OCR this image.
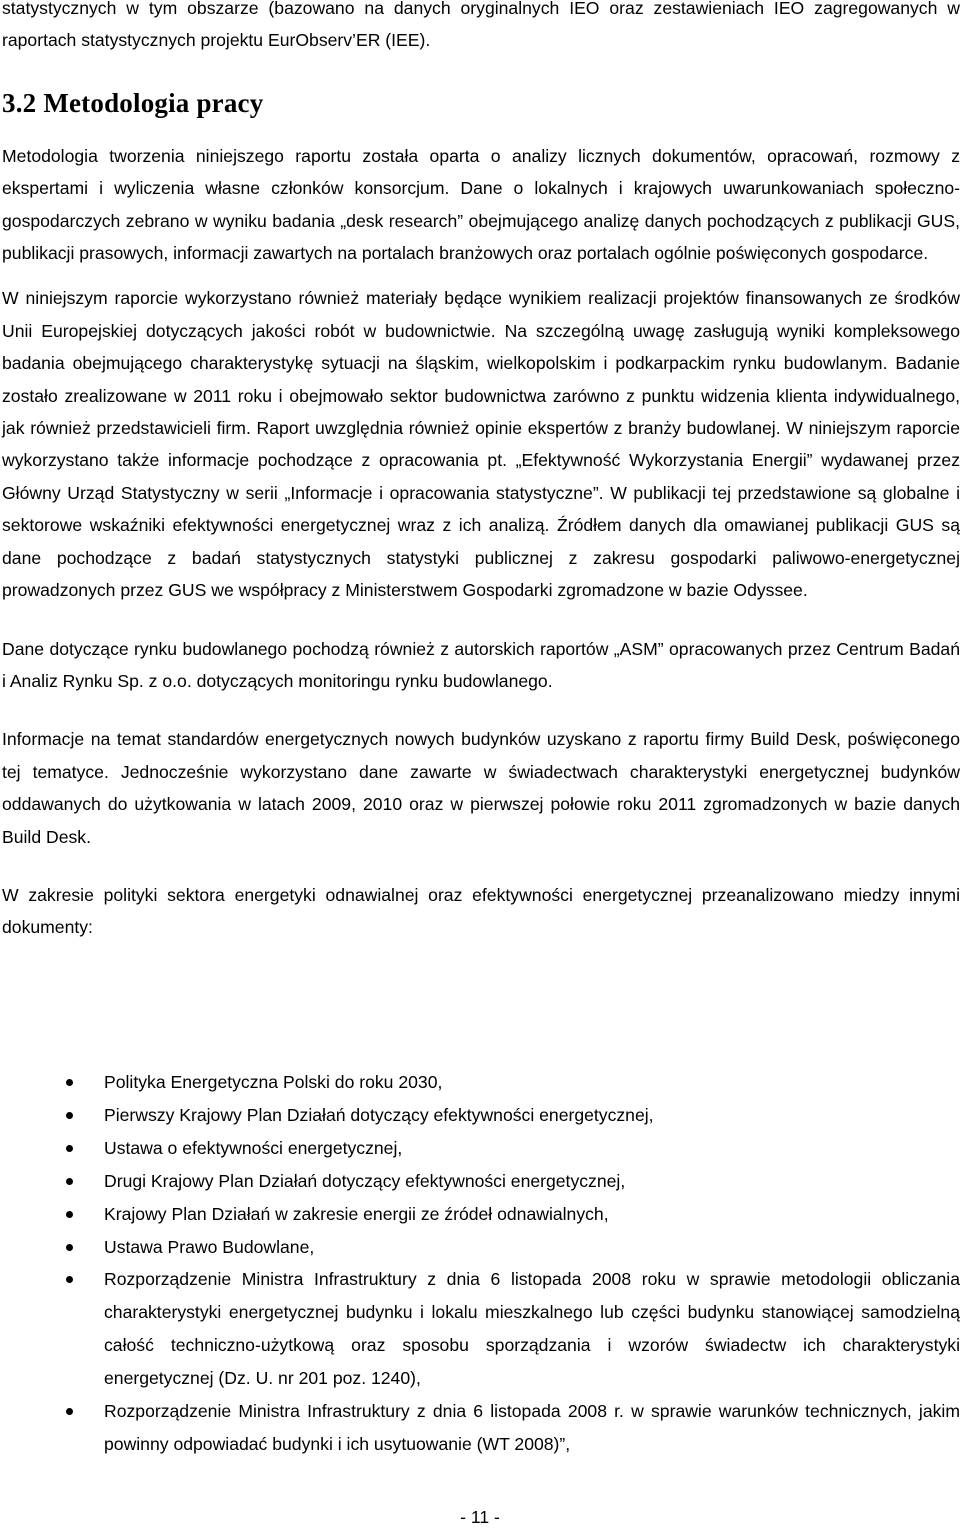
statystycznych w tym obszarze (bazowano na danych oryginalnych IEO oraz zestawieniach IEO zagregowanych w raportach statystycznych projektu EurObserv’ER (IEE).

3.2 Metodologia pracy

Metodologia tworzenia niniejszego raportu została oparta o analizy licznych dokumentów, opracowań, rozmowy z ekspertami i wyliczenia własne członków konsorcjum. Dane o lokalnych i krajowych uwarunkowaniach społeczno-gospodarczych zebrano w wyniku badania „desk research” obejmującego analizę danych pochodzących z publikacji GUS, publikacji prasowych, informacji zawartych na portalach branżowych oraz portalach ogólnie poświęconych gospodarce.

W niniejszym raporcie wykorzystano również materiały będące wynikiem realizacji projektów finansowanych ze środków Unii Europejskiej dotyczących jakości robót w budownictwie. Na szczególną uwagę zasługują wyniki kompleksowego badania obejmującego charakterystykę sytuacji na śląskim, wielkopolskim i podkarpackim rynku budowlanym. Badanie zostało zrealizowane w 2011 roku i obejmowało sektor budownictwa zarówno z punktu widzenia klienta indywidualnego, jak również przedstawicieli firm. Raport uwzględnia również opinie ekspertów z branży budowlanej. W niniejszym raporcie wykorzystano także informacje pochodzące z opracowania pt. „Efektywność Wykorzystania Energii” wydawanej przez Główny Urząd Statystyczny w serii „Informacje i opracowania statystyczne”. W publikacji tej przedstawione są globalne i sektorowe wskaźniki efektywności energetycznej wraz z ich analizą. Źródłem danych dla omawianej publikacji GUS są dane pochodzące z badań statystycznych statystyki publicznej z zakresu gospodarki paliwowo-energetycznej prowadzonych przez GUS we współpracy z Ministerstwem Gospodarki zgromadzone w bazie Odyssee.

Dane dotyczące rynku budowlanego pochodzą również z autorskich raportów „ASM” opracowanych przez Centrum Badań i Analiz Rynku Sp. z o.o. dotyczących monitoringu rynku budowlanego.

Informacje na temat standardów energetycznych nowych budynków uzyskano z raportu firmy Build Desk, poświęconego tej tematyce. Jednocześnie wykorzystano dane zawarte w świadectwach charakterystyki energetycznej budynków oddawanych do użytkowania w latach 2009, 2010 oraz w pierwszej połowie roku 2011 zgromadzonych w bazie danych Build Desk.

W zakresie polityki sektora energetyki odnawialnej oraz efektywności energetycznej przeanalizowano miedzy innymi dokumenty:

Polityka Energetyczna Polski do roku 2030,
Pierwszy Krajowy Plan Działań dotyczący efektywności energetycznej,
Ustawa o efektywności energetycznej,
Drugi Krajowy Plan Działań dotyczący efektywności energetycznej,
Krajowy Plan Działań w zakresie energii ze źródeł odnawialnych,
Ustawa Prawo Budowlane,
Rozporządzenie Ministra Infrastruktury z dnia 6 listopada 2008 roku w sprawie metodologii obliczania charakterystyki energetycznej budynku i lokalu mieszkalnego lub części budynku stanowiącej samodzielną całość techniczno-użytkową oraz sposobu sporządzania i wzorów świadectw ich charakterystyki energetycznej (Dz. U. nr 201 poz. 1240),
Rozporządzenie Ministra Infrastruktury z dnia 6 listopada 2008 r. w sprawie warunków technicznych, jakim powinny odpowiadać budynki i ich usytuowanie (WT 2008)”,
- 11 -
